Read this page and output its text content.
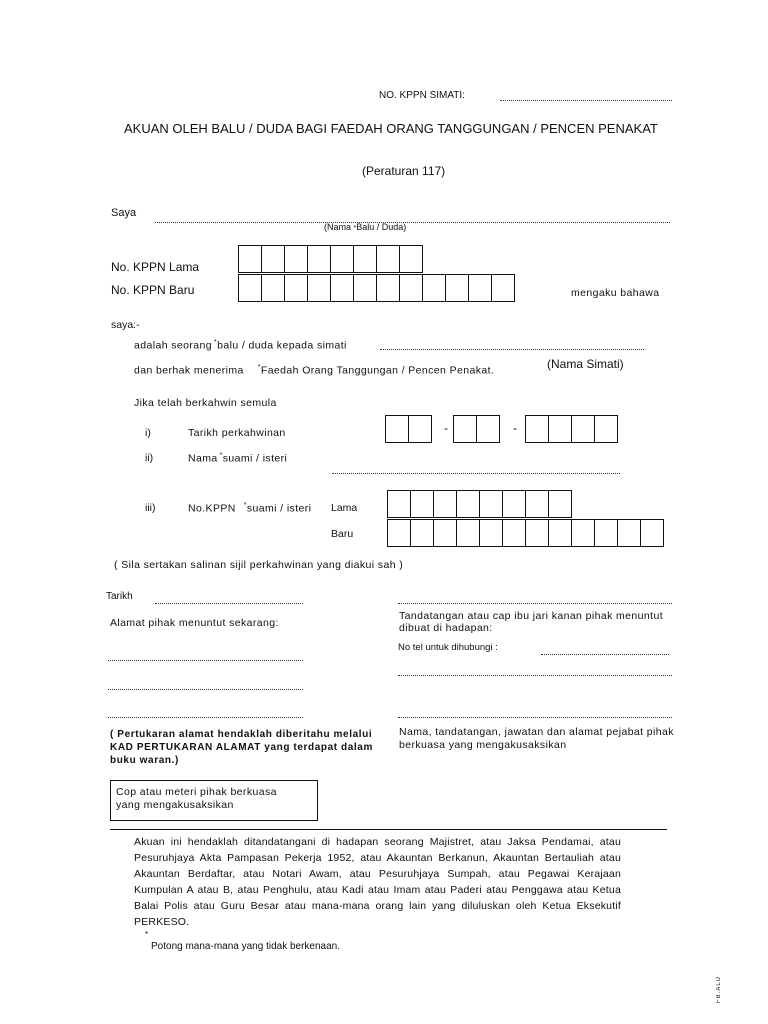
NO. KPPN SIMATI:
AKUAN OLEH BALU / DUDA BAGI FAEDAH ORANG TANGGUNGAN / PENCEN PENAKAT
(Peraturan 117)
Saya
(Nama *Balu / Duda)
No. KPPN Lama
No. KPPN Baru	mengaku bahawa
saya:-
adalah seorang *balu / duda kepada simati
dan berhak menerima *Faedah Orang Tanggungan / Pencen Penakat.	(Nama Simati)
Jika telah berkahwin semula
i)	Tarikh perkahwinan	-	-
ii)	Nama *suami / isteri
iii)	No.KPPN *suami / isteri Lama
Baru
( Sila sertakan salinan sijil perkahwinan yang diakui sah )
Tarikh
Tandatangan atau cap ibu jari kanan pihak menuntut dibuat di hadapan:
Alamat pihak menuntut sekarang:
No tel untuk dihubungi :
( Pertukaran alamat hendaklah diberitahu melalui KAD PERTUKARAN ALAMAT yang terdapat dalam buku waran.)
Nama, tandatangan, jawatan dan alamat pejabat pihak berkuasa yang mengakusaksikan
Cop atau meteri pihak berkuasa yang mengakusaksikan
Akuan ini hendaklah ditandatangani di hadapan seorang Majistret, atau Jaksa Pendamai, atau Pesuruhjaya Akta Pampasan Pekerja 1952, atau Akauntan Berkanun, Akauntan Bertauliah atau Akauntan Berdaftar, atau Notari Awam, atau Pesuruhjaya Sumpah, atau Pegawai Kerajaan Kumpulan A atau B, atau Penghulu, atau Kadi atau Imam atau Paderi atau Penggawa atau Ketua Balai Polis atau Guru Besar atau mana-mana orang lain yang diluluskan oleh Ketua Eksekutif PERKESO.
*
Potong mana-mana yang tidak berkenaan.
FB.ALU
